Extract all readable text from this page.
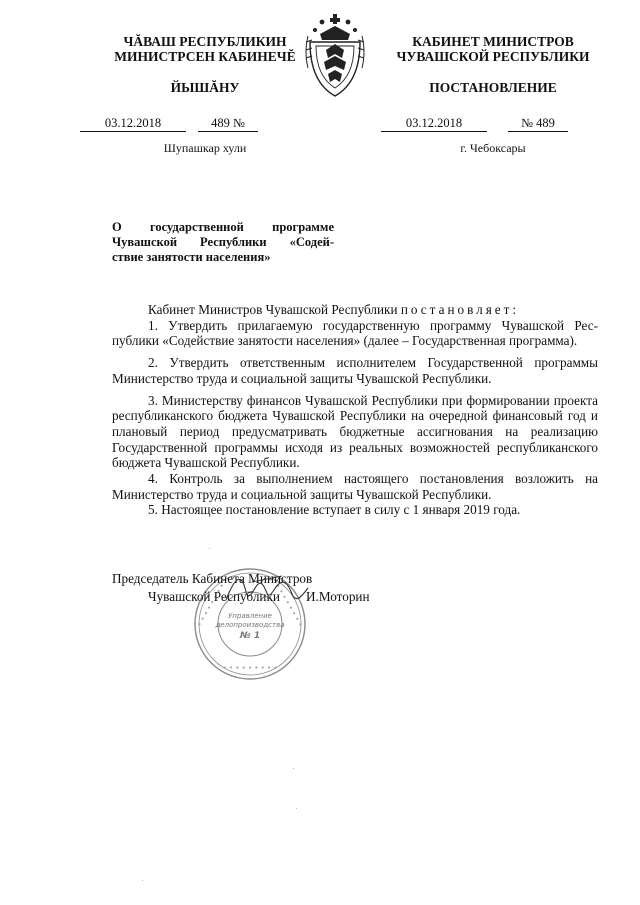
ЧĂВАШ РЕСПУБЛИКИН
МИНИСТРСЕН КАБИНЕЧĔ
ЙЫШĂНУ
КАБИНЕТ МИНИСТРОВ
ЧУВАШСКОЙ РЕСПУБЛИКИ
ПОСТАНОВЛЕНИЕ
03.12.2018	489 №
Шупашкар хули
03.12.2018	№ 489
г. Чебоксары
О государственной программе
Чувашской Республики «Содей-
ствие занятости населения»

Кабинет Министров Чувашской Республики постановляет:

1. Утвердить прилагаемую государственную программу Чувашской Республики «Содействие занятости населения» (далее – Государственная программа).

2. Утвердить ответственным исполнителем Государственной программы Министерство труда и социальной защиты Чувашской Республики.

3. Министерству финансов Чувашской Республики при формировании проекта республиканского бюджета Чувашской Республики на очередной финансовый год и плановый период предусматривать бюджетные ассигнования на реализацию Государственной программы исходя из реальных возможностей республиканского бюджета Чувашской Республики.

4. Контроль за выполнением настоящего постановления возложить на Министерство труда и социальной защиты Чувашской Республики.

5. Настоящее постановление вступает в силу с 1 января 2019 года.

• • • • • • • • •	• • • • • • • • •
• • • • • • • • •
Управление
делопроизводства
№ 1
Председатель Кабинета Министров
Чувашской Республики И.Моторин
